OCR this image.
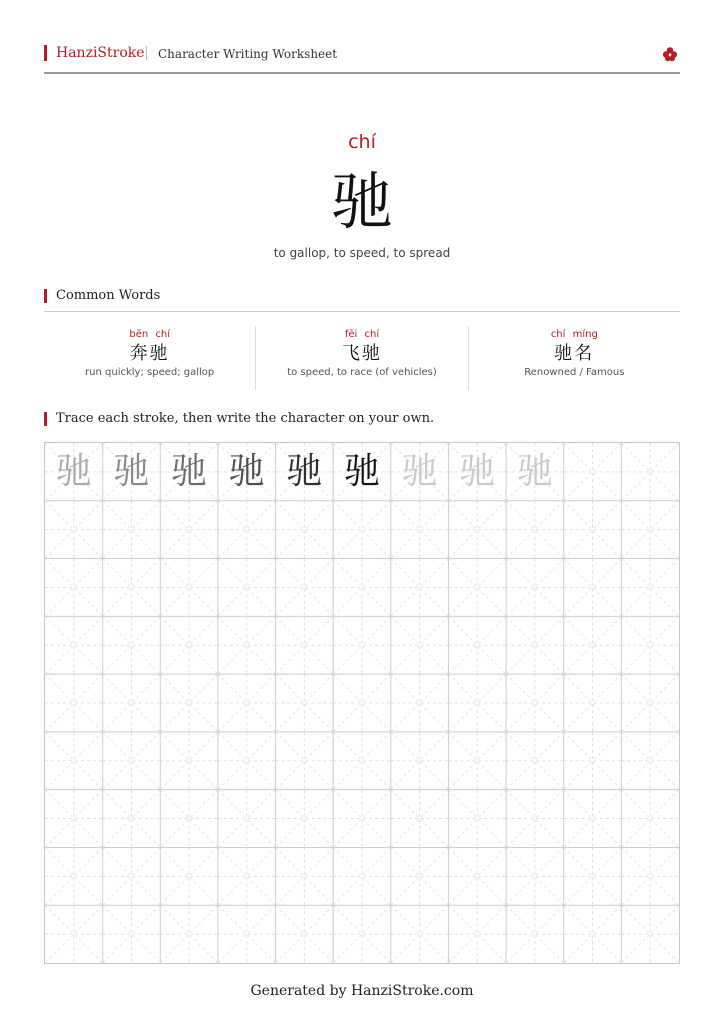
HanziStroke Character Writing Worksheet
chí
驰
to gallop, to speed, to spread
Common Words
bēn chí
奔驰
run quickly; speed; gallop
fēi chí
飞驰
to speed, to race (of vehicles)
chí míng
驰名
Renowned / Famous
Trace each stroke, then write the character on your own.
驰 驰 驰 驰 驰 驰 驰 驰 驰
Generated by HanziStroke.com
